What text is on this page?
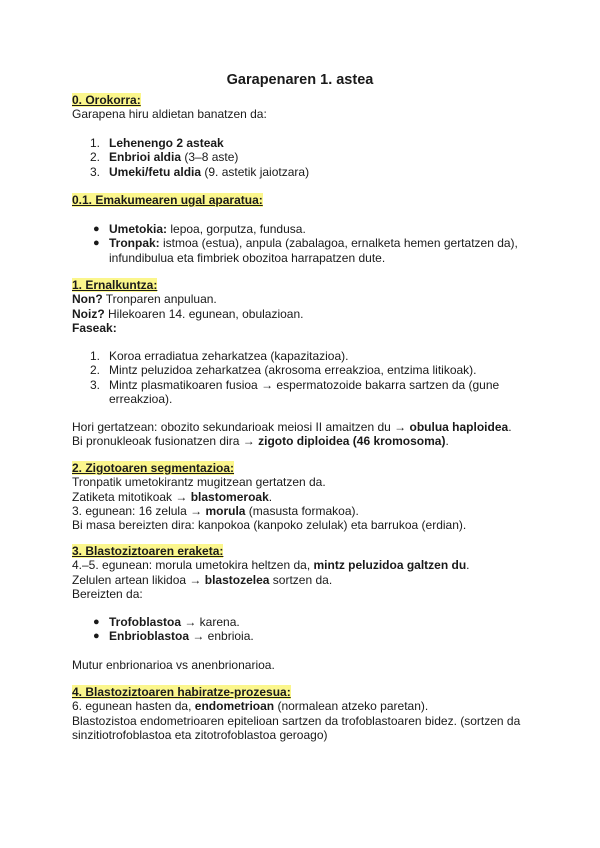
Garapenaren 1. astea
0. Orokorra:
Garapena hiru aldietan banatzen da:
1. Lehenengo 2 asteak
2. Enbrioi aldia (3–8 aste)
3. Umeki/fetu aldia (9. astetik jaiotzara)
0.1. Emakumearen ugal aparatua:
● Umetokia: lepoa, gorputza, fundusa.
● Tronpak: istmoa (estua), anpula (zabalagoa, ernalketa hemen gertatzen da),
infundibulua eta fimbriek obozitoa harrapatzen dute.
1. Ernalkuntza:
Non? Tronparen anpuluan.
Noiz? Hilekoaren 14. egunean, obulazioan.
Faseak:
1. Koroa erradiatua zeharkatzea (kapazitazioa).
2. Mintz peluzidoa zeharkatzea (akrosoma erreakzioa, entzima litikoak).
3. Mintz plasmatikoaren fusioa → espermatozoide bakarra sartzen da (gune
erreakzioa).
Hori gertatzean: obozito sekundarioak meiosi II amaitzen du → obulua haploidea.
Bi pronukleoak fusionatzen dira → zigoto diploidea (46 kromosoma).
2. Zigotoaren segmentazioa:
Tronpatik umetokirantz mugitzean gertatzen da.
Zatiketa mitotikoak → blastomeroak.
3. egunean: 16 zelula → morula (masusta formakoa).
Bi masa bereizten dira: kanpokoa (kanpoko zelulak) eta barrukoa (erdian).
3. Blastoziztoaren eraketa:
4.–5. egunean: morula umetokira heltzen da, mintz peluzidoa galtzen du.
Zelulen artean likidoa → blastozelea sortzen da.
Bereizten da:
● Trofoblastoa → karena.
● Enbrioblastoa → enbrioia.
Mutur enbrionarioa vs anenbrionarioa.
4. Blastoziztoaren habiratze-prozesua:
6. egunean hasten da, endometrioan (normalean atzeko paretan).
Blastozistoa endometrioaren epitelioan sartzen da trofoblastoaren bidez. (sortzen da sinzitiotrofoblastoa eta zitotrofoblastoa geroago)
